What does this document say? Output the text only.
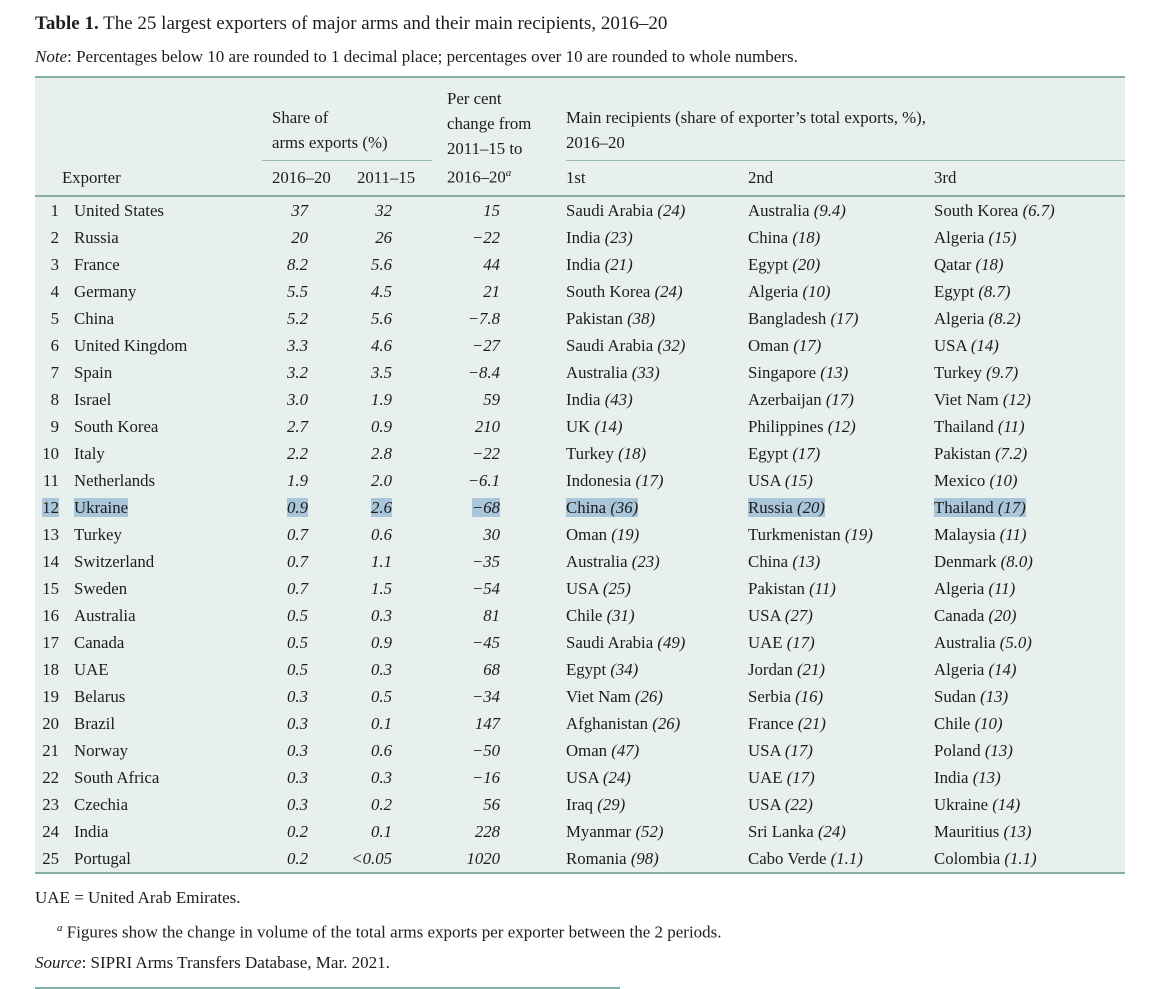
Table 1. The 25 largest exporters of major arms and their main recipients, 2016–20
Note: Percentages below 10 are rounded to 1 decimal place; percentages over 10 are rounded to whole numbers.

Share of
arms exports (%)

Per cent
change from
2011–15 to
2016–20$^a$

Main recipients (share of exporter’s total exports, %),
2016–20

Exporter		2016–20	2011–15		1st	2nd	3rd
1	United States	37	32	15	Saudi Arabia (24)	Australia (9.4)	South Korea (6.7)
2	Russia	20	26	−22	India (23)	China (18)	Algeria (15)
3	France	8.2	5.6	44	India (21)	Egypt (20)	Qatar (18)
4	Germany	5.5	4.5	21	South Korea (24)	Algeria (10)	Egypt (8.7)
5	China	5.2	5.6	−7.8	Pakistan (38)	Bangladesh (17)	Algeria (8.2)
6	United Kingdom	3.3	4.6	−27	Saudi Arabia (32)	Oman (17)	USA (14)
7	Spain	3.2	3.5	−8.4	Australia (33)	Singapore (13)	Turkey (9.7)
8	Israel	3.0	1.9	59	India (43)	Azerbaijan (17)	Viet Nam (12)
9	South Korea	2.7	0.9	210	UK (14)	Philippines (12)	Thailand (11)
10	Italy	2.2	2.8	−22	Turkey (18)	Egypt (17)	Pakistan (7.2)
11	Netherlands	1.9	2.0	−6.1	Indonesia (17)	USA (15)	Mexico (10)
12	Ukraine	0.9	2.6	−68	China (36)	Russia (20)	Thailand (17)
13	Turkey	0.7	0.6	30	Oman (19)	Turkmenistan (19)	Malaysia (11)
14	Switzerland	0.7	1.1	−35	Australia (23)	China (13)	Denmark (8.0)
15	Sweden	0.7	1.5	−54	USA (25)	Pakistan (11)	Algeria (11)
16	Australia	0.5	0.3	81	Chile (31)	USA (27)	Canada (20)
17	Canada	0.5	0.9	−45	Saudi Arabia (49)	UAE (17)	Australia (5.0)
18	UAE	0.5	0.3	68	Egypt (34)	Jordan (21)	Algeria (14)
19	Belarus	0.3	0.5	−34	Viet Nam (26)	Serbia (16)	Sudan (13)
20	Brazil	0.3	0.1	147	Afghanistan (26)	France (21)	Chile (10)
21	Norway	0.3	0.6	−50	Oman (47)	USA (17)	Poland (13)
22	South Africa	0.3	0.3	−16	USA (24)	UAE (17)	India (13)
23	Czechia	0.3	0.2	56	Iraq (29)	USA (22)	Ukraine (14)
24	India	0.2	0.1	228	Myanmar (52)	Sri Lanka (24)	Mauritius (13)
25	Portugal	0.2	<0.05	1020	Romania (98)	Cabo Verde (1.1)	Colombia (1.1)
UAE = United Arab Emirates.
$^a$ Figures show the change in volume of the total arms exports per exporter between the 2 periods.
Source: SIPRI Arms Transfers Database, Mar. 2021.
